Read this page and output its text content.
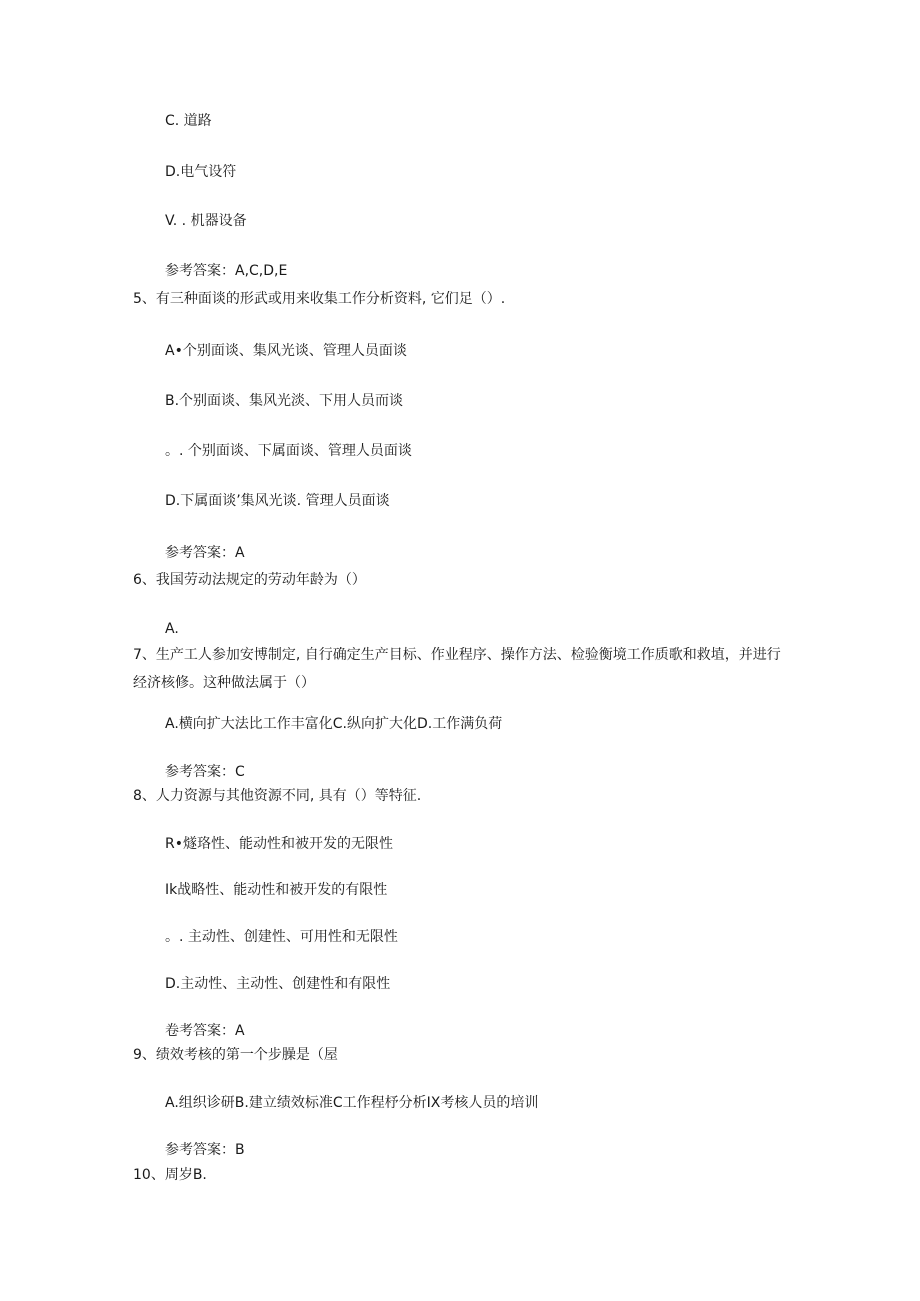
C. 道路
D.电气设符
V. . 机器设备
参考答案：A,C,D,E
5、有三种面谈的形武或用来收集工作分析资料, 它们足（）.
A•个别面谈、集风光谈、管理人员面谈
B.个别面谈、集风光淡、下用人员而谈
。. 个别面谈、下属面谈、管理人员面谈
D.下属面谈’集风光谈. 管理人员面谈
参考答案：A
6、我国劳动法规定的劳动年龄为（）
A.
7、生产工人参加安博制定, 自行确定生产目标、作业程序、操作方法、检验衡境工作质歌和救埴，并进行经济核修。这种做法属于（）
A.横向扩大法比工作丰富化C.纵向扩大化D.工作满负荷
参考答案：C
8、人力资源与其他资源不同, 具有（）等特征.
R•燧珞性、能动性和被开发的无限性
Ik战略性、能动性和被开发的有限性
。. 主动性、创建性、可用性和无限性
D.主动性、主动性、创建性和有限性
卷考答案：A
9、绩效考核的第一个步臊是（屋
A.组织诊研B.建立绩效标准C工作程杼分析IX考核人员的培训
参考答案：B
10、周岁B.
